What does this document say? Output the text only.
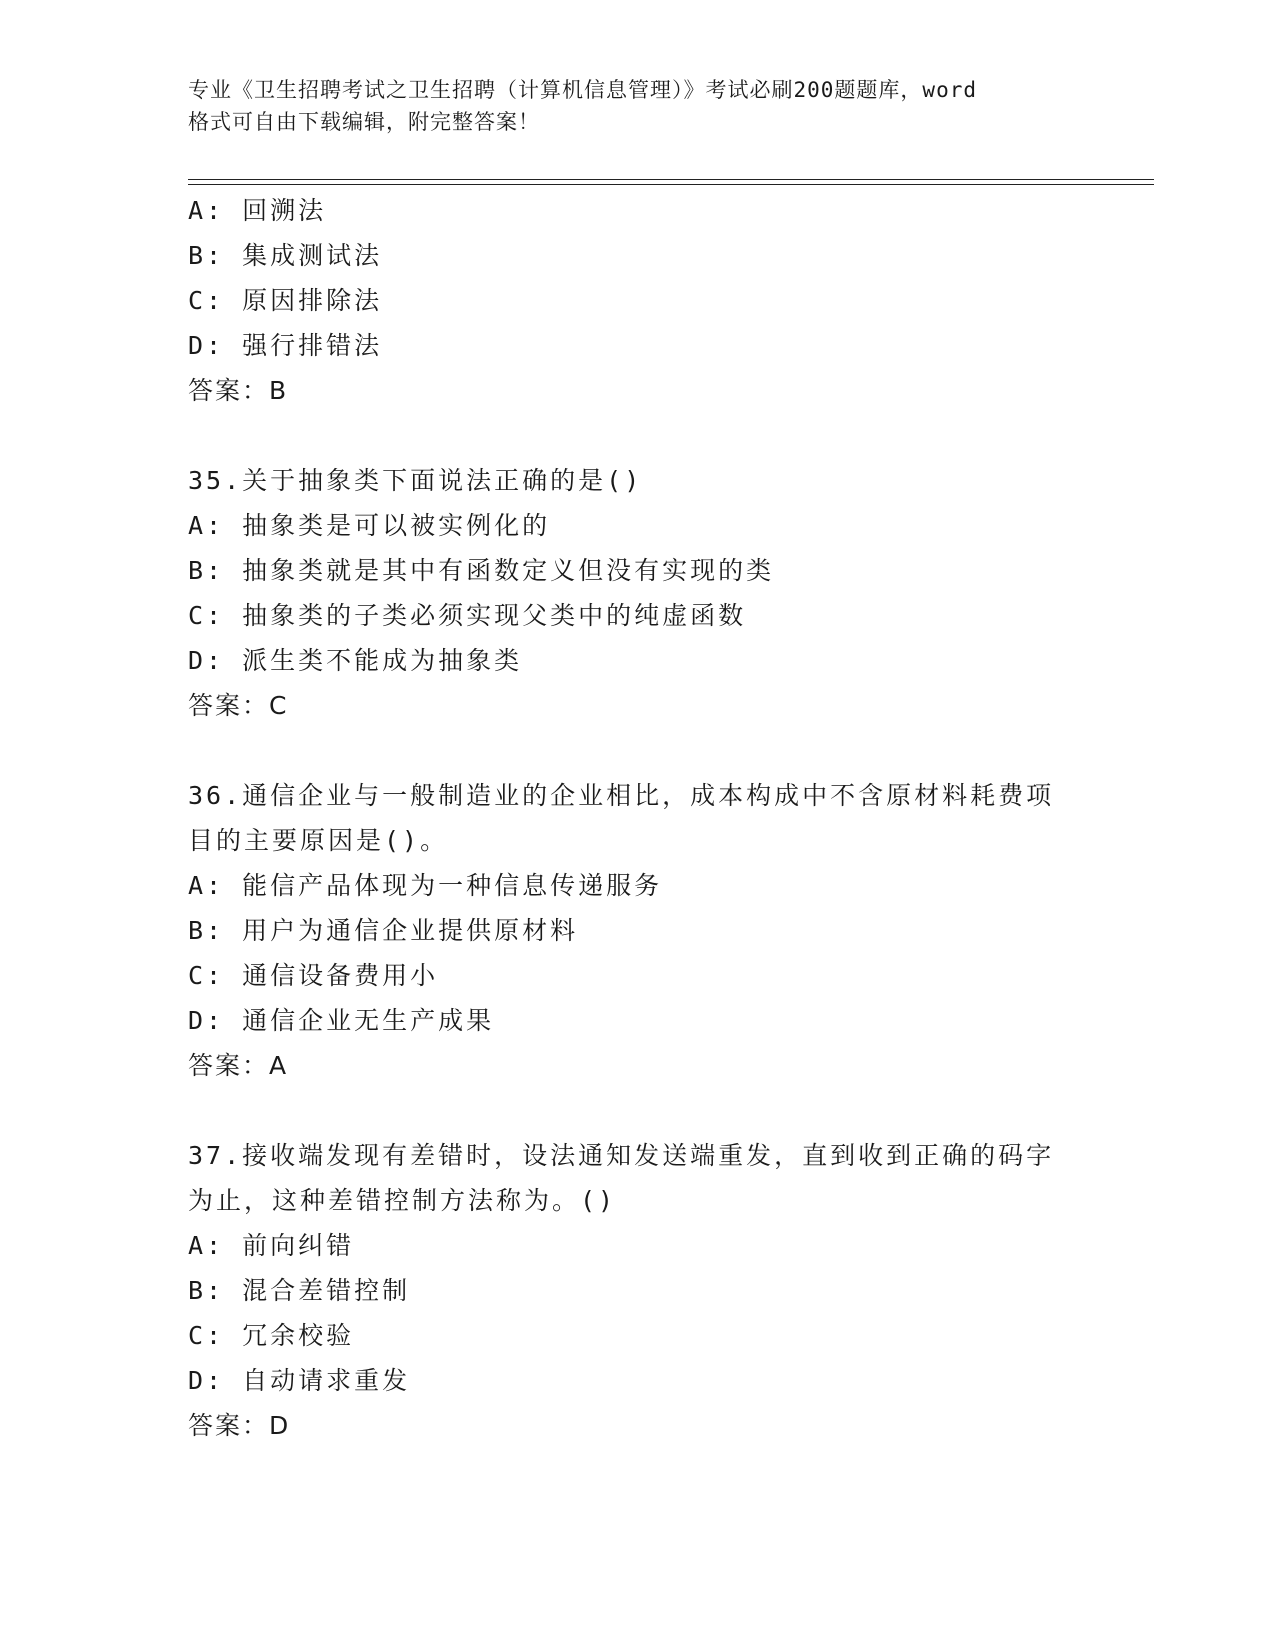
专业《卫生招聘考试之卫生招聘（计算机信息管理）》考试必刷200题题库，word
格式可自由下载编辑，附完整答案！
A: 回溯法
B: 集成测试法
C: 原因排除法
D: 强行排错法
答案：B
35.关于抽象类下面说法正确的是()
A: 抽象类是可以被实例化的
B: 抽象类就是其中有函数定义但没有实现的类
C: 抽象类的子类必须实现父类中的纯虚函数
D: 派生类不能成为抽象类
答案：C
36.通信企业与一般制造业的企业相比，成本构成中不含原材料耗费项
目的主要原因是()。
A: 能信产品体现为一种信息传递服务
B: 用户为通信企业提供原材料
C: 通信设备费用小
D: 通信企业无生产成果
答案：A
37.接收端发现有差错时，设法通知发送端重发，直到收到正确的码字
为止，这种差错控制方法称为。()
A: 前向纠错
B: 混合差错控制
C: 冗余校验
D: 自动请求重发
答案：D
